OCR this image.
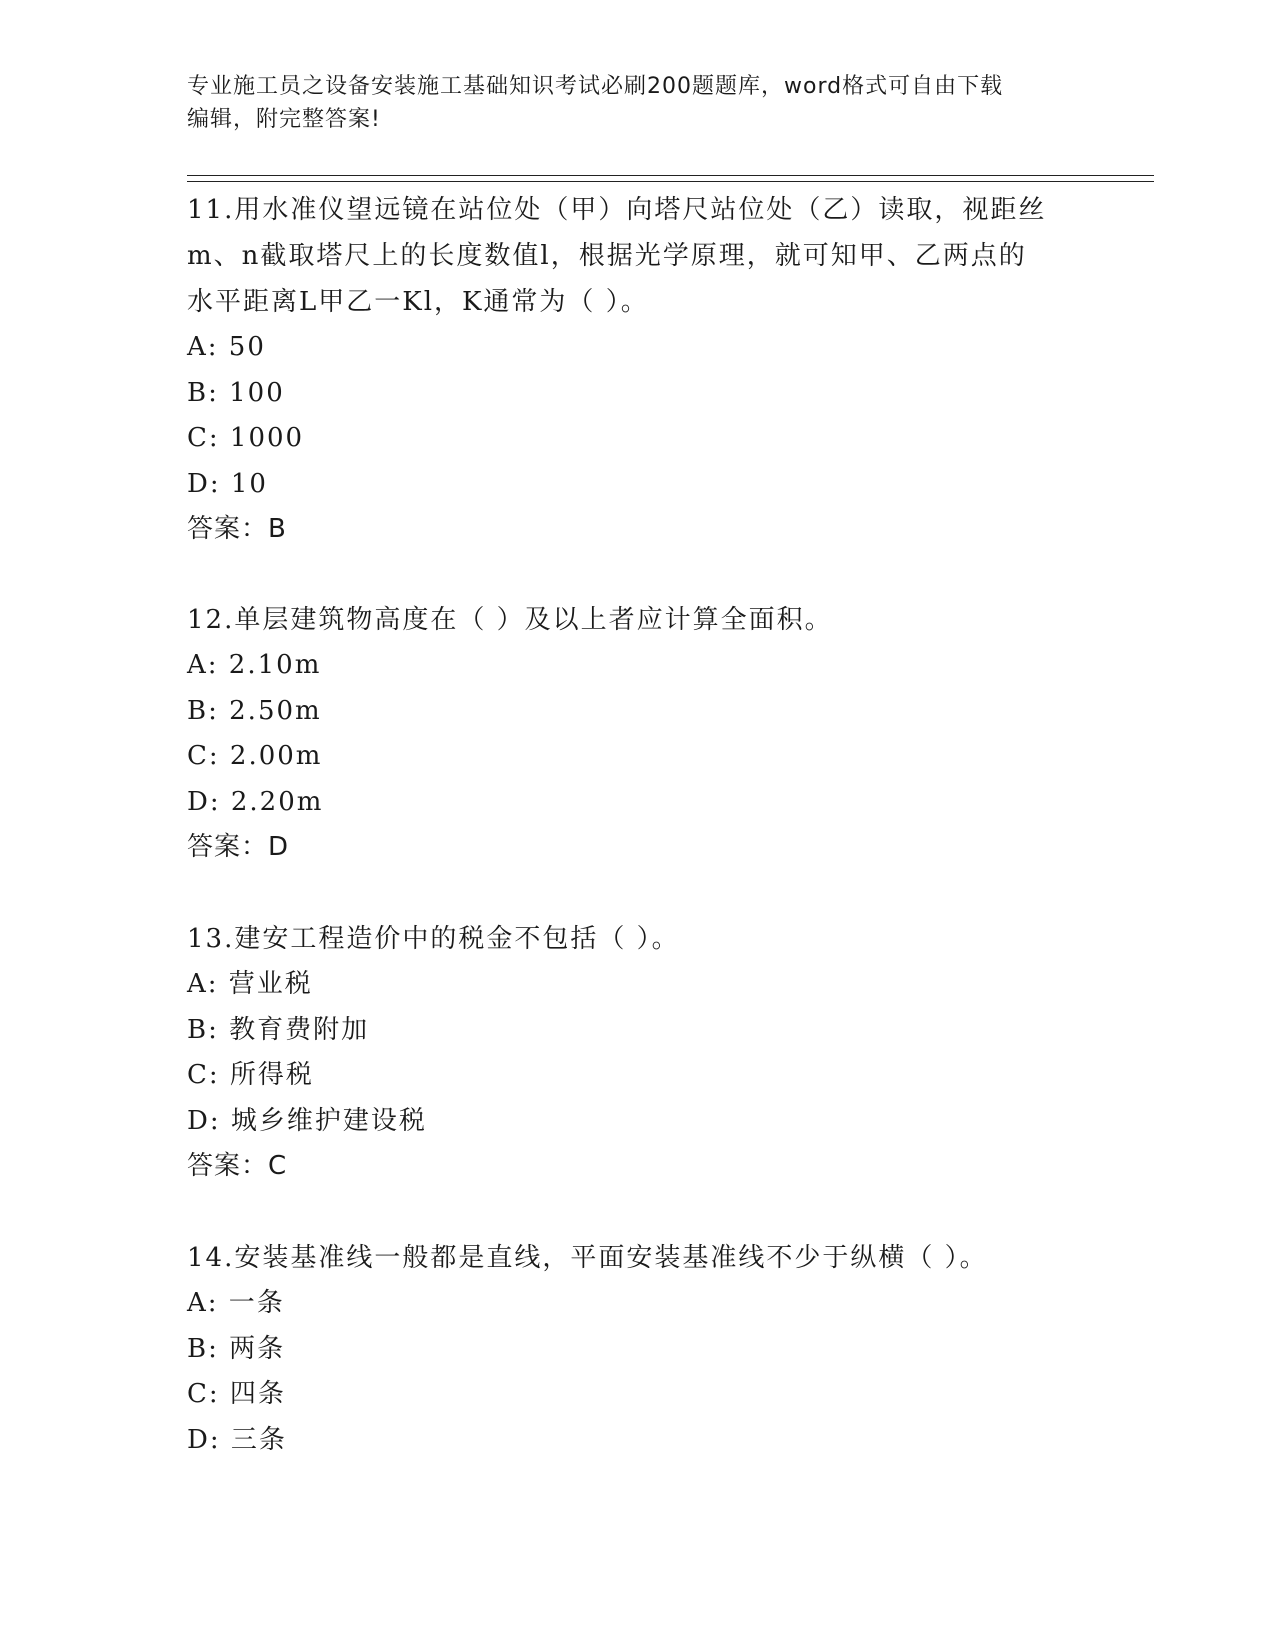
专业施工员之设备安装施工基础知识考试必刷200题题库，word格式可自由下载
编辑，附完整答案!
11.用水准仪望远镜在站位处（甲）向塔尺站位处（乙）读取，视距丝
m、n截取塔尺上的长度数值l，根据光学原理，就可知甲、乙两点的
水平距离L甲乙一Kl，K通常为（ ）。
A: 50
B: 100
C: 1000
D: 10
答案：B
12.单层建筑物高度在（ ）及以上者应计算全面积。
A: 2.10m
B: 2.50m
C: 2.00m
D: 2.20m
答案：D
13.建安工程造价中的税金不包括（ ）。
A: 营业税
B: 教育费附加
C: 所得税
D: 城乡维护建设税
答案：C
14.安装基准线一般都是直线，平面安装基准线不少于纵横（ ）。
A: 一条
B: 两条
C: 四条
D: 三条
